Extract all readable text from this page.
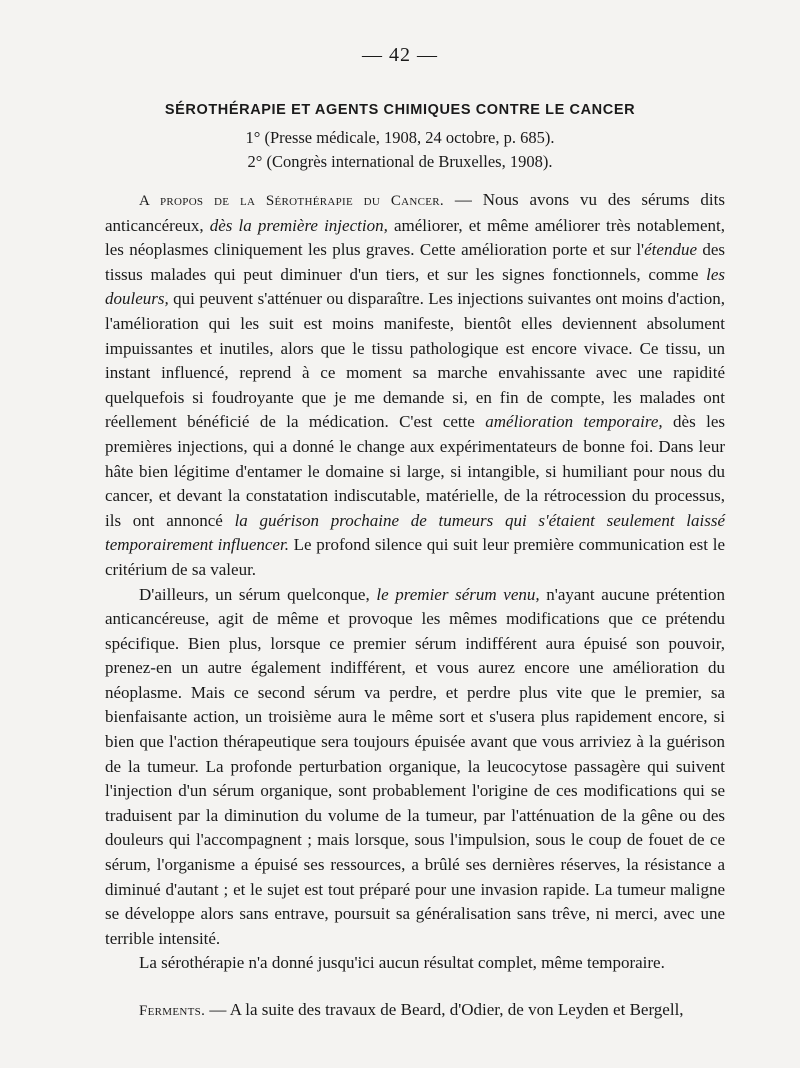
— 42 —
SÉROTHÉRAPIE ET AGENTS CHIMIQUES CONTRE LE CANCER
1° (Presse médicale, 1908, 24 octobre, p. 685).
2° (Congrès international de Bruxelles, 1908).

A propos de la Sérothérapie du Cancer. — Nous avons vu des sérums dits anticancéreux, dès la première injection, améliorer, et même améliorer très notablement, les néoplasmes cliniquement les plus graves. Cette amélioration porte et sur l'étendue des tissus malades qui peut diminuer d'un tiers, et sur les signes fonctionnels, comme les douleurs, qui peuvent s'atténuer ou disparaître. Les injections suivantes ont moins d'action, l'amélioration qui les suit est moins manifeste, bientôt elles deviennent absolument impuissantes et inutiles, alors que le tissu pathologique est encore vivace. Ce tissu, un instant influencé, reprend à ce moment sa marche envahissante avec une rapidité quelquefois si foudroyante que je me demande si, en fin de compte, les malades ont réellement bénéficié de la médication. C'est cette amélioration temporaire, dès les premières injections, qui a donné le change aux expérimentateurs de bonne foi. Dans leur hâte bien légitime d'entamer le domaine si large, si intangible, si humiliant pour nous du cancer, et devant la constatation indiscutable, matérielle, de la rétrocession du processus, ils ont annoncé la guérison prochaine de tumeurs qui s'étaient seulement laissé temporairement influencer. Le profond silence qui suit leur première communication est le critérium de sa valeur.

D'ailleurs, un sérum quelconque, le premier sérum venu, n'ayant aucune prétention anticancéreuse, agit de même et provoque les mêmes modifications que ce prétendu spécifique. Bien plus, lorsque ce premier sérum indifférent aura épuisé son pouvoir, prenez-en un autre également indifférent, et vous aurez encore une amélioration du néoplasme. Mais ce second sérum va perdre, et perdre plus vite que le premier, sa bienfaisante action, un troisième aura le même sort et s'usera plus rapidement encore, si bien que l'action thérapeutique sera toujours épuisée avant que vous arriviez à la guérison de la tumeur. La profonde perturbation organique, la leucocytose passagère qui suivent l'injection d'un sérum organique, sont probablement l'origine de ces modifications qui se traduisent par la diminution du volume de la tumeur, par l'atténuation de la gêne ou des douleurs qui l'accompagnent ; mais lorsque, sous l'impulsion, sous le coup de fouet de ce sérum, l'organisme a épuisé ses ressources, a brûlé ses dernières réserves, la résistance a diminué d'autant ; et le sujet est tout préparé pour une invasion rapide. La tumeur maligne se développe alors sans entrave, poursuit sa généralisation sans trêve, ni merci, avec une terrible intensité.

La sérothérapie n'a donné jusqu'ici aucun résultat complet, même temporaire.

Ferments. — A la suite des travaux de Beard, d'Odier, de von Leyden et Bergell,
